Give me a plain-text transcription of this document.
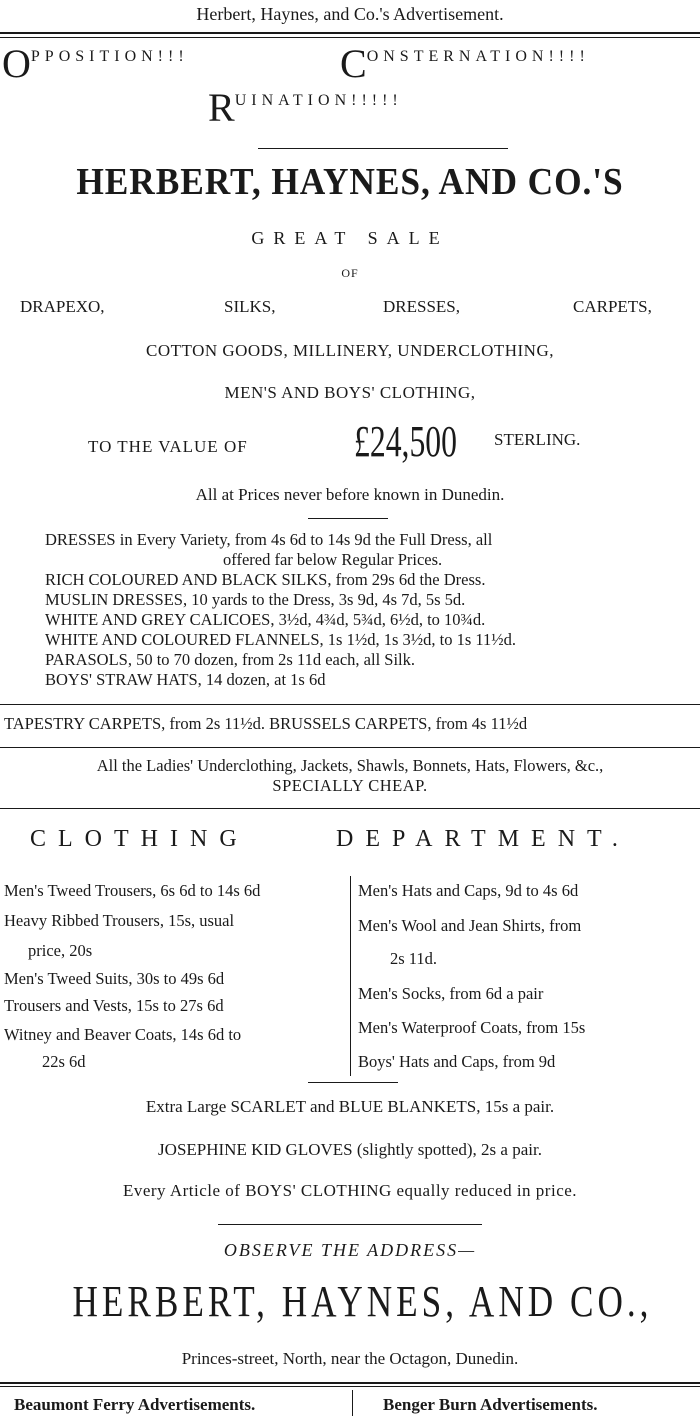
Herbert, Haynes, and Co.'s Advertisement.
OPPOSITION!!!	CONSTERNATION!!!!
RUINATION!!!!!
HERBERT, HAYNES, AND CO.'S
GREAT SALE
OF
DRAPEXO,	SILKS,	DRESSES,	CARPETS,
COTTON GOODS, MILLINERY, UNDERCLOTHING,
MEN'S AND BOYS' CLOTHING,
TO THE VALUE OF	£24,500	STERLING.
All at Prices never before known in Dunedin.
DRESSES in Every Variety, from 4s 6d to 14s 9d the Full Dress, all
offered far below Regular Prices.
RICH COLOURED AND BLACK SILKS, from 29s 6d the Dress.
MUSLIN DRESSES, 10 yards to the Dress, 3s 9d, 4s 7d, 5s 5d.
WHITE AND GREY CALICOES, 3½d, 4¾d, 5¾d, 6½d, to 10¾d.
WHITE AND COLOURED FLANNELS, 1s 1½d, 1s 3½d, to 1s 11½d.
PARASOLS, 50 to 70 dozen, from 2s 11d each, all Silk.
BOYS' STRAW HATS, 14 dozen, at 1s 6d
TAPESTRY CARPETS, from 2s 11½d. BRUSSELS CARPETS, from 4s 11½d
All the Ladies' Underclothing, Jackets, Shawls, Bonnets, Hats, Flowers, &c.,
SPECIALLY CHEAP.
CLOTHING	DEPARTMENT.
Men's Tweed Trousers, 6s 6d to 14s 6d
Heavy Ribbed Trousers, 15s, usual
price, 20s
Men's Tweed Suits, 30s to 49s 6d
Trousers and Vests, 15s to 27s 6d
Witney and Beaver Coats, 14s 6d to
22s 6d
Men's Hats and Caps, 9d to 4s 6d
Men's Wool and Jean Shirts, from
2s 11d.
Men's Socks, from 6d a pair
Men's Waterproof Coats, from 15s
Boys' Hats and Caps, from 9d
Extra Large SCARLET and BLUE BLANKETS, 15s a pair.
JOSEPHINE KID GLOVES (slightly spotted), 2s a pair.
Every Article of BOYS' CLOTHING equally reduced in price.
OBSERVE THE ADDRESS—
HERBERT, HAYNES, AND CO.,
Princes-street, North, near the Octagon, Dunedin.
Beaumont Ferry Advertisements.	Benger Burn Advertisements.
